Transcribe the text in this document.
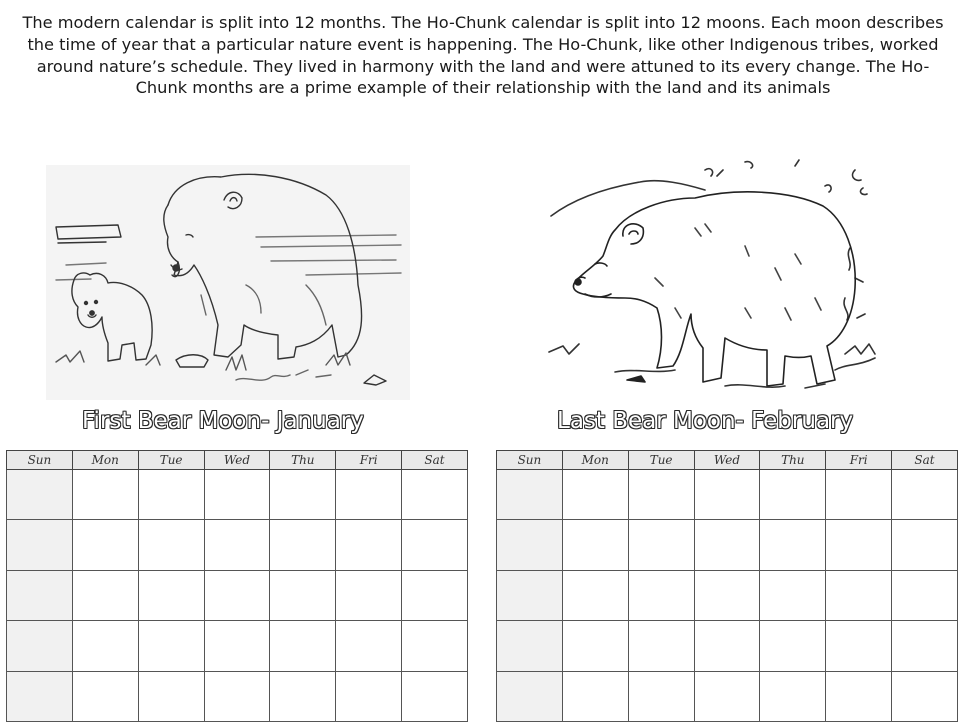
The modern calendar is split into 12 months. The Ho-Chunk calendar is split into 12 moons. Each moon describes the time of year that a particular nature event is happening. The Ho-Chunk, like other Indigenous tribes, worked around nature’s schedule. They lived in harmony with the land and were attuned to its every change. The Ho-Chunk months are a prime example of their relationship with the land and its animals
First Bear Moon- January	Last Bear Moon- February
Sun	Mon	Tue	Wed	Thu	Fri	Sat

							Sun	Mon	Tue	Wed	Thu	Fri	Sat
